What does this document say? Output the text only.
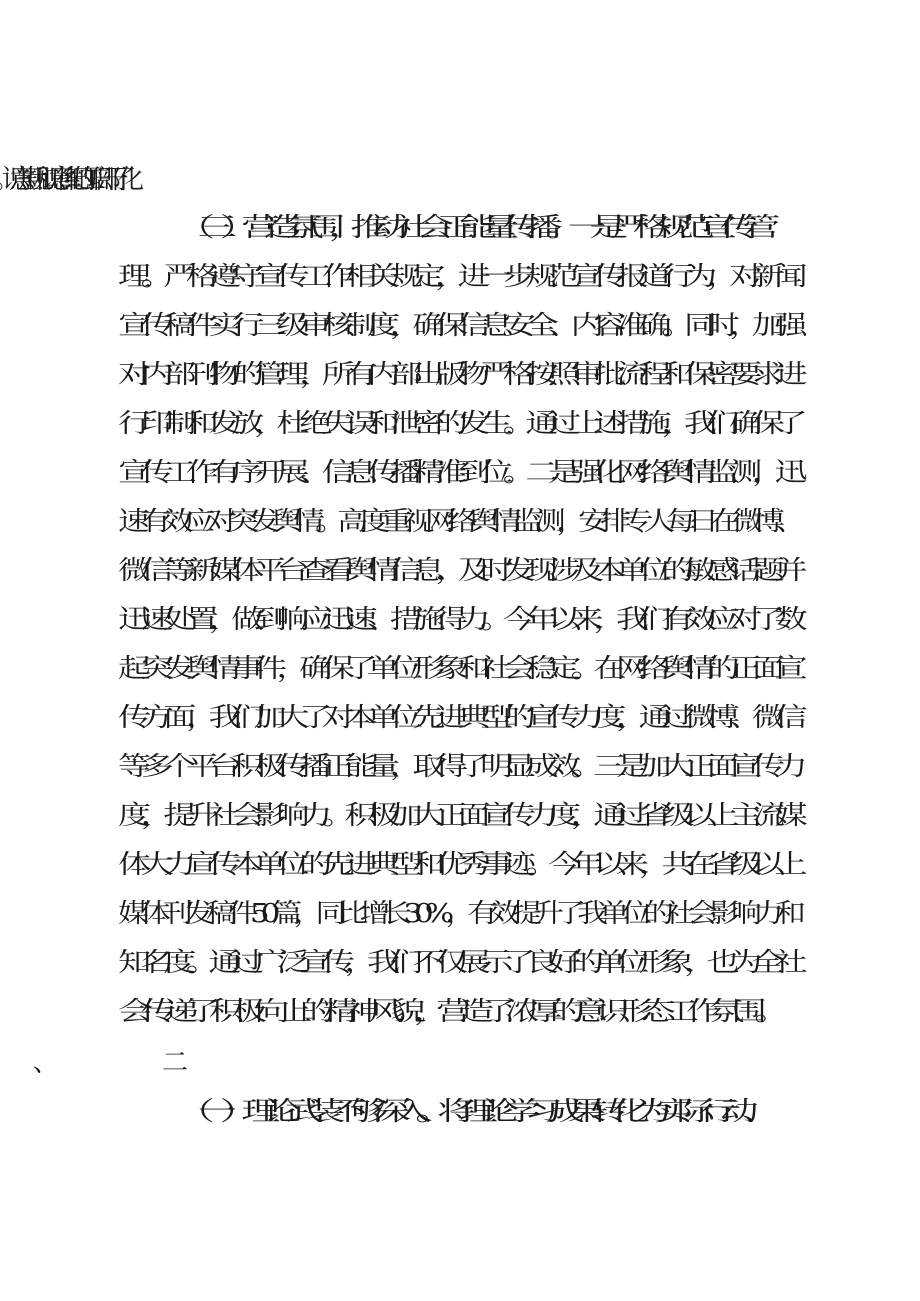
（三）营造氛围，推动社会正能量传播。一是严格规范宣传管
理。严格遵守宣传工作相关规定，进一步规范宣传报道行为，对新闻
宣传稿件实行三级审核制度，确保信息安全、内容准确。同时，加强
对内部刊物的管理，所有内部出版物严格按照审批流程和保密要求进
行印制和发放，杜绝失误和泄密的发生。通过上述措施，我们确保了
宣传工作有序开展、信息传播精准到位。二是强化网络舆情监测，迅
速有效应对突发舆情。高度重视网络舆情监测，安排专人每日在微博、
微信等新媒体平台查看舆情信息，及时发现涉及本单位的敏感话题并
迅速处置，做到响应迅速、措施得力。今年以来，我们有效应对了数
起突发舆情事件，确保了单位形象和社会稳定。在网络舆情的正面宣
传方面，我们加大了对本单位先进典型的宣传力度，通过微博、微信
等多个平台积极传播正能量，取得了明显成效。三是加大正面宣传力
度，提升社会影响力。积极加大正面宣传力度，通过省级以上主流媒
体大力宣传本单位的先进典型和优秀事迹。今年以来，共在省级以上
媒体刊发稿件50篇，同比增长30%，有效提升了我单位的社会影响力和
知名度。通过广泛宣传，我们不仅展示了良好的单位形象，也为全社
会传递了积极向上的精神风貌，营造了浓厚的意识形态工作氛围。
（一）理论武装不够深入。将理论学习成果转化为实际行动、
